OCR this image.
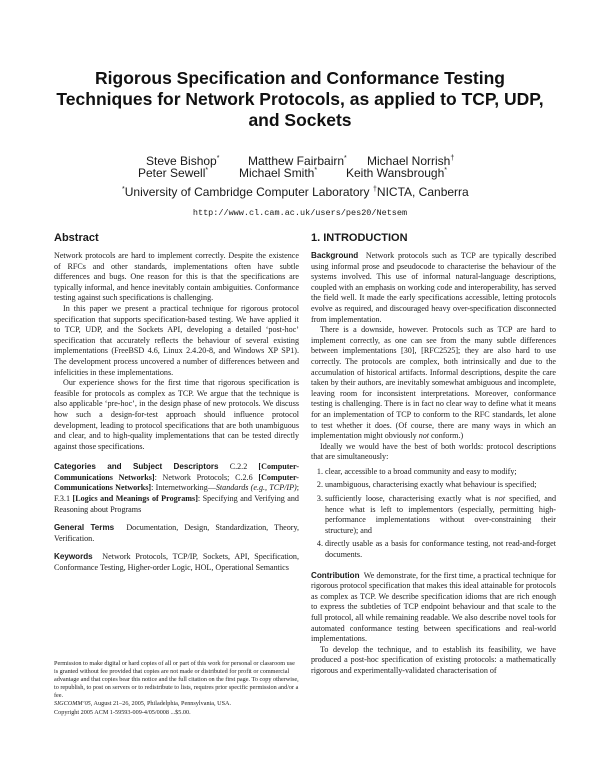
Rigorous Specification and Conformance Testing
Techniques for Network Protocols, as applied to TCP, UDP,
and Sockets
Steve Bishop* Matthew Fairbairn* Michael Norrish†
Peter Sewell*	Michael Smith* Keith Wansbrough*
*University of Cambridge Computer Laboratory †NICTA, Canberra
http://www.cl.cam.ac.uk/users/pes20/Netsem
Abstract

Network protocols are hard to implement correctly. Despite the existence of RFCs and other standards, implementations often have subtle differences and bugs. One reason for this is that the specifications are typically informal, and hence inevitably contain ambiguities. Conformance testing against such specifications is challenging.

In this paper we present a practical technique for rigorous protocol specification that supports specification-based testing. We have applied it to TCP, UDP, and the Sockets API, developing a detailed ‘post-hoc’ specification that accurately reflects the behaviour of several existing implementations (FreeBSD 4.6, Linux 2.4.20-8, and Windows XP SP1). The development process uncovered a number of differences between and infelicities in these implementations.

Our experience shows for the first time that rigorous specification is feasible for protocols as complex as TCP. We argue that the technique is also applicable ‘pre-hoc’, in the design phase of new protocols. We discuss how such a design-for-test approach should influence protocol development, leading to protocol specifications that are both unambiguous and clear, and to high-quality implementations that can be tested directly against those specifications.

Categories and Subject Descriptors C.2.2 [Computer-Communications Networks]: Network Protocols; C.2.6 [Computer-Communications Networks]: Internetworking—Standards (e.g., TCP/IP); F.3.1 [Logics and Meanings of Programs]: Specifying and Verifying and Reasoning about Programs

General Terms Documentation, Design, Standardization, Theory, Verification.

Keywords Network Protocols, TCP/IP, Sockets, API, Specification, Conformance Testing, Higher-order Logic, HOL, Operational Semantics

Permission to make digital or hard copies of all or part of this work for personal or classroom use is granted without fee provided that copies are not made or distributed for profit or commercial advantage and that copies bear this notice and the full citation on the first page. To copy otherwise, to republish, to post on servers or to redistribute to lists, requires prior specific permission and/or a fee.

SIGCOMM’05, August 21–26, 2005, Philadelphia, Pennsylvania, USA.

Copyright 2005 ACM 1-59593-009-4/05/0008 ...$5.00.

1. INTRODUCTION

Background Network protocols such as TCP are typically described using informal prose and pseudocode to characterise the behaviour of the systems involved. This use of informal natural-language descriptions, coupled with an emphasis on working code and interoperability, has served the field well. It made the early specifications accessible, letting protocols evolve as required, and discouraged heavy over-specification disconnected from implementation.

There is a downside, however. Protocols such as TCP are hard to implement correctly, as one can see from the many subtle differences between implementations [30], [RFC2525]; they are also hard to use correctly. The protocols are complex, both intrinsically and due to the accumulation of historical artifacts. Informal descriptions, despite the care taken by their authors, are inevitably somewhat ambiguous and incomplete, leaving room for inconsistent interpretations. Moreover, conformance testing is challenging. There is in fact no clear way to define what it means for an implementation of TCP to conform to the RFC standards, let alone to test whether it does. (Of course, there are many ways in which an implementation might obviously not conform.)

Ideally we would have the best of both worlds: protocol descriptions that are simultaneously:

1. clear, accessible to a broad community and easy to modify;
2. unambiguous, characterising exactly what behaviour is specified;
3. sufficiently loose, characterising exactly what is not specified, and hence what is left to implementors (especially, permitting high-performance implementations without over-constraining their structure); and
4. directly usable as a basis for conformance testing, not read-and-forget documents.

Contribution We demonstrate, for the first time, a practical technique for rigorous protocol specification that makes this ideal attainable for protocols as complex as TCP. We describe specification idioms that are rich enough to express the subtleties of TCP endpoint behaviour and that scale to the full protocol, all while remaining readable. We also describe novel tools for automated conformance testing between specifications and real-world implementations.

To develop the technique, and to establish its feasibility, we have produced a post-hoc specification of existing protocols: a mathematically rigorous and experimentally-validated characterisation of
